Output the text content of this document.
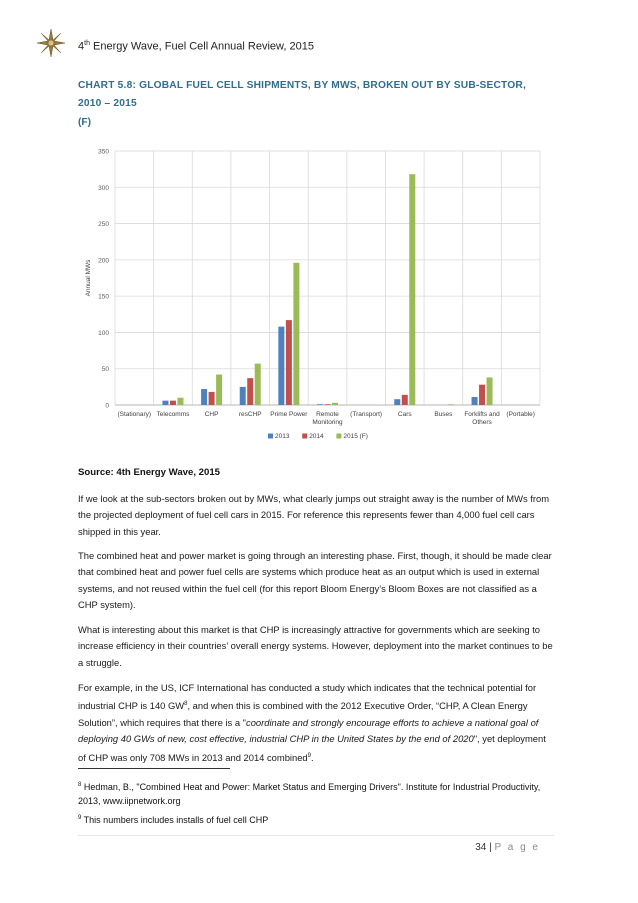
4th Energy Wave, Fuel Cell Annual Review, 2015
CHART 5.8: GLOBAL FUEL CELL SHIPMENTS, BY MWS, BROKEN OUT BY SUB-SECTOR, 2010 – 2015
(F)
0
50
100
150
200
250
300
350
Annual MWs
(Stationary) Telecomms CHP	resCHP Prime Power Remote
Monitoring
(Transport) Cars	Buses Forklifts and
Others
(Portable)
2013	2014	2015 (F)
Source: 4th Energy Wave, 2015
If we look at the sub-sectors broken out by MWs, what clearly jumps out straight away is the number of MWs from the projected deployment of fuel cell cars in 2015. For reference this represents fewer than 4,000 fuel cell cars shipped in this year.
The combined heat and power market is going through an interesting phase. First, though, it should be made clear that combined heat and power fuel cells are systems which produce heat as an output which is used in external systems, and not reused within the fuel cell (for this report Bloom Energy’s Bloom Boxes are not classified as a CHP system).
What is interesting about this market is that CHP is increasingly attractive for governments which are seeking to increase efficiency in their countries’ overall energy systems. However, deployment into the market continues to be a struggle.
For example, in the US, ICF International has conducted a study which indicates that the technical potential for industrial CHP is 140 $GW^8$, and when this is combined with the 2012 Executive Order, “CHP, A Clean Energy Solution”, which requires that there is a "coordinate and strongly encourage efforts to achieve a national goal of deploying 40 GWs of new, cost effective, industrial CHP in the United States by the end of 2020", yet deployment of CHP was only 708 MWs in 2013 and 2014 combined$^9$.
$^8$ Hedman, B., "Combined Heat and Power: Market Status and Emerging Drivers". Institute for Industrial Productivity, 2013, www.iipnetwork.org
$^9$ This numbers includes installs of fuel cell CHP
34 | P a g e
